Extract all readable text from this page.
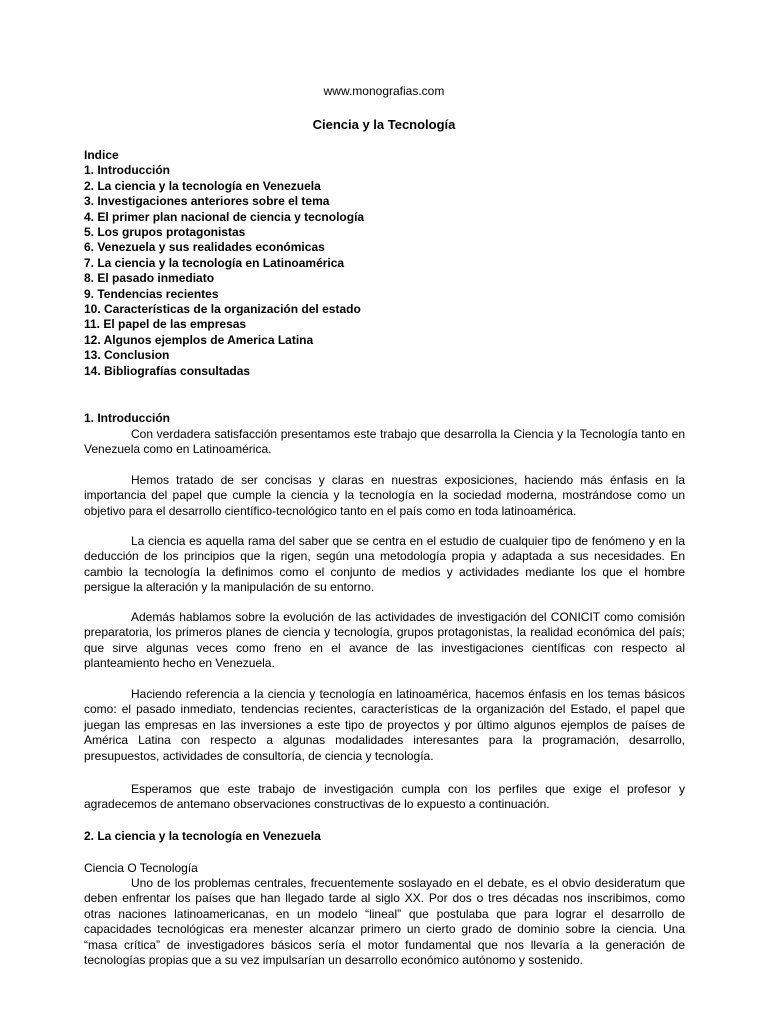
www.monografias.com
Ciencia y la Tecnología
Indice
1. Introducción
2. La ciencia y la tecnología en Venezuela
3. Investigaciones anteriores sobre el tema
4. El primer plan nacional de ciencia y tecnología
5. Los grupos protagonistas
6. Venezuela y sus realidades económicas
7. La ciencia y la tecnología en Latinoamérica
8. El pasado inmediato
9. Tendencias recientes
10. Características de la organización del estado
11. El papel de las empresas
12. Algunos ejemplos de America Latina
13. Conclusion
14. Bibliografías consultadas
1. Introducción
Con verdadera satisfacción presentamos este trabajo que desarrolla la Ciencia y la Tecnología tanto en Venezuela como en Latinoamérica.
Hemos tratado de ser concisas y claras en nuestras exposiciones, haciendo más énfasis en la importancia del papel que cumple la ciencia y la tecnología en la sociedad moderna, mostrándose como un objetivo para el desarrollo científico-tecnológico tanto en el país como en toda latinoamérica.
La ciencia es aquella rama del saber que se centra en el estudio de cualquier tipo de fenómeno y en la deducción de los principios que la rigen, según una metodología propia y adaptada a sus necesidades. En cambio la tecnología la definimos como el conjunto de medios y actividades mediante los que el hombre persigue la alteración y la manipulación de su entorno.
Además hablamos sobre la evolución de las actividades de investigación del CONICIT como comisión preparatoria, los primeros planes de ciencia y tecnología, grupos protagonistas, la realidad económica del país; que sirve algunas veces como freno en el avance de las investigaciones científicas con respecto al planteamiento hecho en Venezuela.
Haciendo referencia a la ciencia y tecnología en latinoamérica, hacemos énfasis en los temas básicos como: el pasado inmediato, tendencias recientes, características de la organización del Estado, el papel que juegan las empresas en las inversiones a este tipo de proyectos y por último algunos ejemplos de países de América Latina con respecto a algunas modalidades interesantes para la programación, desarrollo, presupuestos, actividades de consultoría, de ciencia y tecnología.
Esperamos que este trabajo de investigación cumpla con los perfiles que exige el profesor y agradecemos de antemano observaciones constructivas de lo expuesto a continuación.
2. La ciencia y la tecnología en Venezuela
Ciencia O Tecnología
Uno de los problemas centrales, frecuentemente soslayado en el debate, es el obvio desideratum que deben enfrentar los países que han llegado tarde al siglo XX. Por dos o tres décadas nos inscribimos, como otras naciones latinoamericanas, en un modelo “lineal” que postulaba que para lograr el desarrollo de capacidades tecnológicas era menester alcanzar primero un cierto grado de dominio sobre la ciencia. Una “masa crítica” de investigadores básicos sería el motor fundamental que nos llevaría a la generación de tecnologías propias que a su vez impulsarían un desarrollo económico autónomo y sostenido.
